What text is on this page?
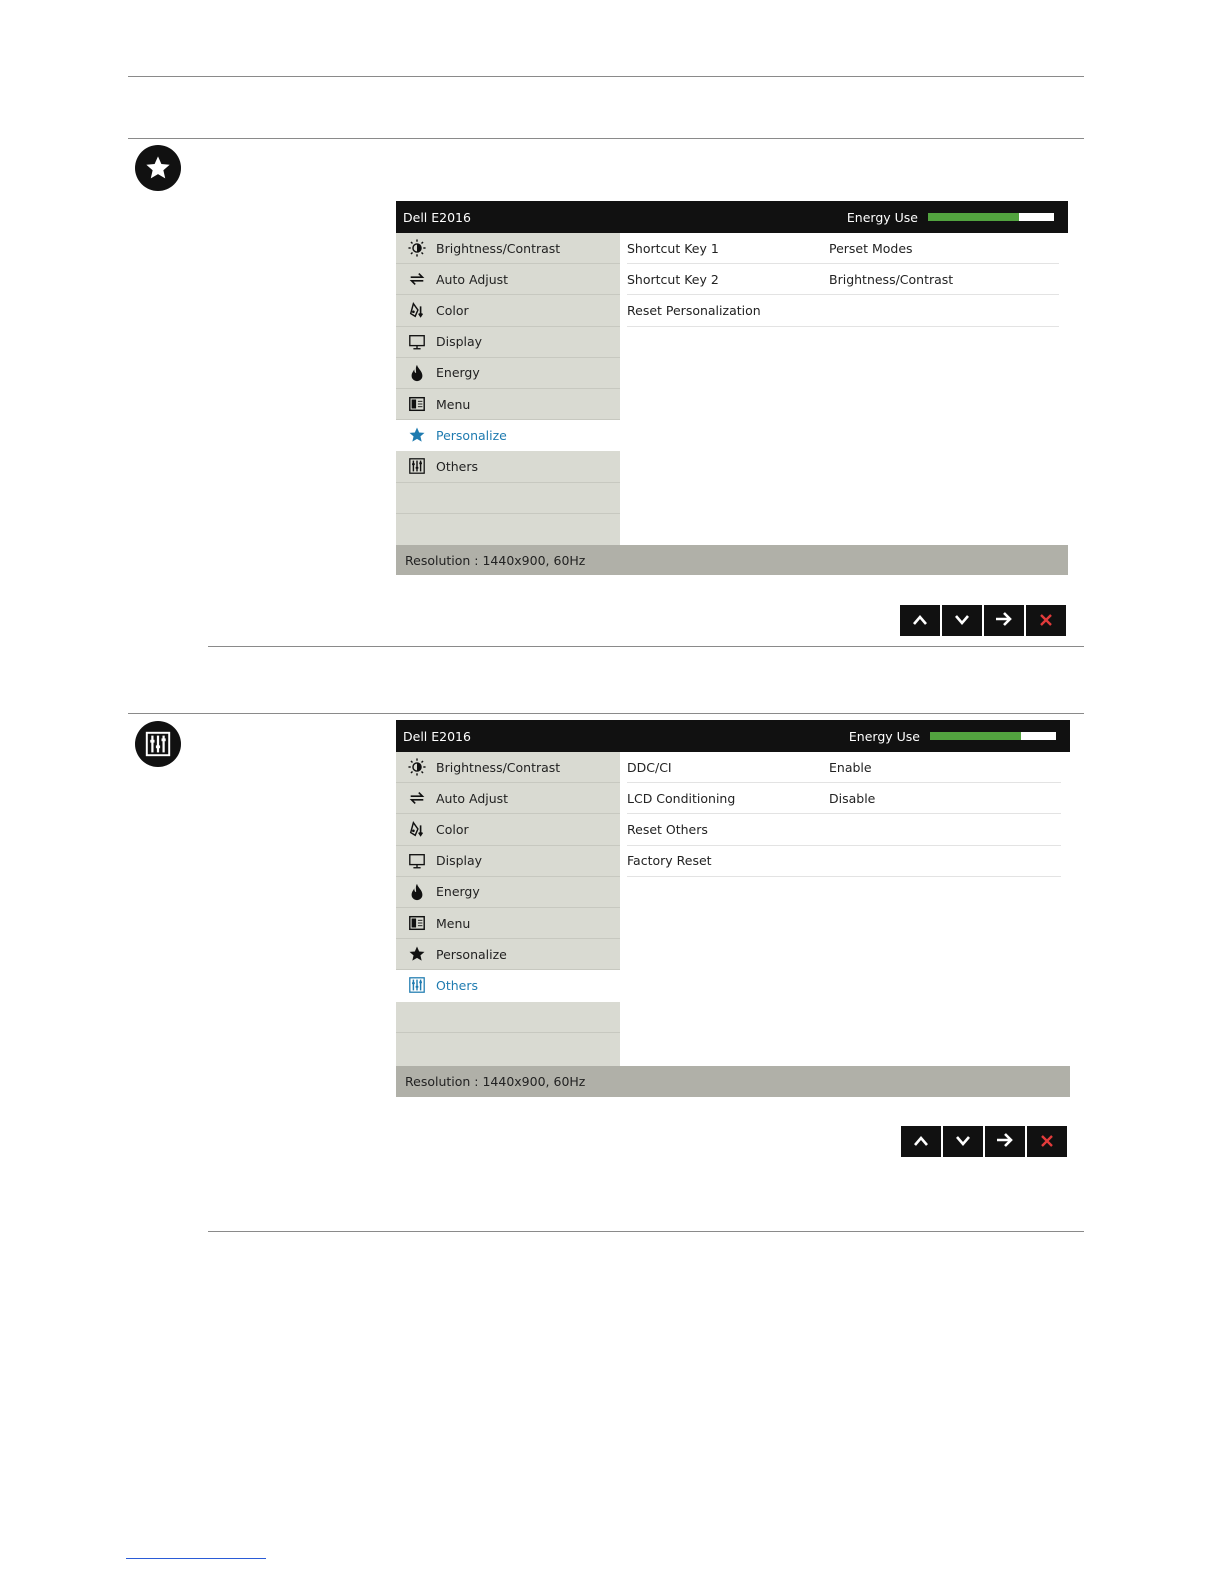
Dell E2016	Energy Use
Brightness/Contrast
Auto Adjust
Color
Display
Energy
Menu
Personalize
Others
Shortcut Key 1	Perset Modes
Shortcut Key 2	Brightness/Contrast
Reset Personalization
Resolution : 1440x900, 60Hz
Dell E2016	Energy Use
Brightness/Contrast
Auto Adjust
Color
Display
Energy
Menu
Personalize
Others
DDC/CI	Enable
LCD Conditioning	Disable
Reset Others
Factory Reset
Resolution : 1440x900, 60Hz
